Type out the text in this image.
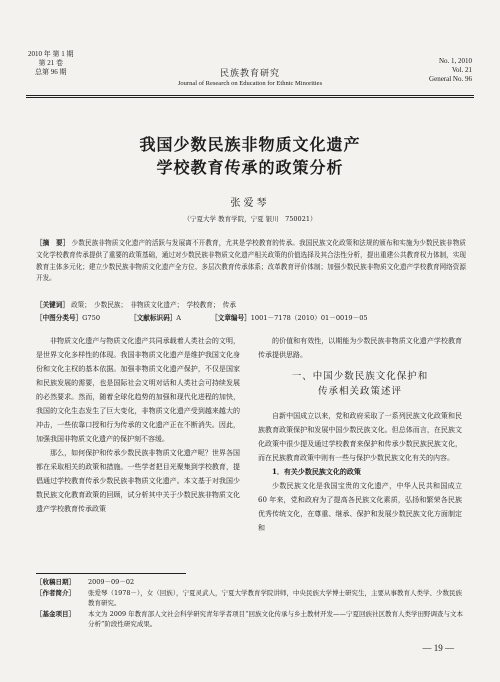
2010 年 第 1 期
第 21 卷
总第 96 期	民族教育研究
Journal of Research on Education for Ethnic Minorities
No. 1, 2010
Vol. 21
General No. 96
我国少数民族非物质文化遗产
学校教育传承的政策分析
张爱琴
（宁夏大学 教育学院，宁夏 银川　750021）
［摘　要］ 少数民族非物质文化遗产的活跃与发展离不开教育，尤其是学校教育的传承。我国民族文化政策和法规的颁布和实施为少数民族非物质文化学校教育传承提供了重要的政策基础，通过对少数民族非物质文化遗产相关政策的价值选择及其合法性分析，提出重建公共教育权力体制，实现教育主体多元化；建立少数民族非物质文化遗产全方位、多层次教育传承体系；改革教育评价体制；加强少数民族非物质文化遗产学校教育网络资源开发。
［关键词］ 政策；　少数民族；　非物质文化遗产；　学校教育；　传承
［中图分类号］G750	［文献标识码］A	［文章编号］1001－7178（2010）01－0019－05

非物质文化遗产与物质文化遗产共同承载着人类社会的文明，是世界文化多样性的体现。我国非物质文化遗产是维护我国文化身份和文化主权的基本依据。加强非物质文化遗产保护，不仅是国家和民族发展的需要，也是国际社会文明对话和人类社会可持续发展的必然要求。然而，随着全球化趋势的加强和现代化进程的加快，我国的文化生态发生了巨大变化，非物质文化遗产受到越来越大的冲击，一些依靠口授和行为传承的文化遗产正在不断消失。因此，加强我国非物质文化遗产的保护刻不容缓。

那么，如何保护和传承少数民族非物质文化遗产呢？世界各国都在采取相关的政策和措施。一些学者把目光聚集到学校教育，提倡通过学校教育传承少数民族非物质文化遗产。本文基于对我国少数民族文化教育政策的回顾，试分析其中关于少数民族非物质文化遗产学校教育传承政策

的价值和有效性，以期能为少数民族非物质文化遗产学校教育传承提供思路。

一、中国少数民族文化保护和
传承相关政策述评

自新中国成立以来，党和政府采取了一系列民族文化政策和民族教育政策保护和发展中国少数民族文化。但总体而言，在民族文化政策中很少提及通过学校教育来保护和传承少数民族民族文化，而在民族教育政策中则有一些与保护少数民族文化有关的内容。

1．有关少数民族文化的政策

少数民族文化是我国宝贵的文化遗产，中华人民共和国成立 60 年来，党和政府为了提高各民族文化素质，弘扬和繁荣各民族优秀传统文化，在尊重、继承、保护和发展少数民族文化方面制定和

［收稿日期］	2009－09－02
［作者简介］	张爱琴（1978－），女（回族），宁夏灵武人，宁夏大学教育学院讲师，中央民族大学博士研究生，主要从事教育人类学、少数民族教育研究。
［基金项目］	本文为 2009 年教育部人文社会科学研究青年学者项目“回族文化传承与乡土教材开发——宁夏回族社区教育人类学田野调查与文本分析”阶段性研究成果。
— 19 —
